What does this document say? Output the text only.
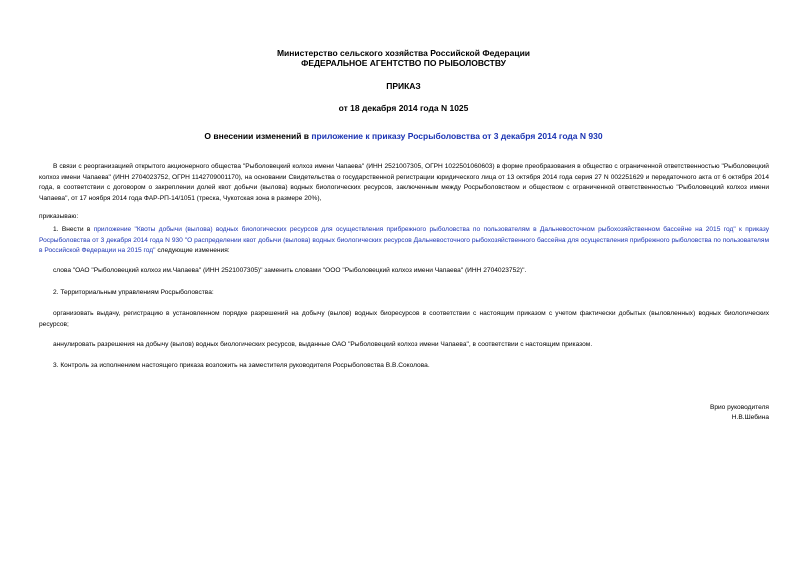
Министерство сельского хозяйства Российской Федерации
ФЕДЕРАЛЬНОЕ АГЕНТСТВО ПО РЫБОЛОВСТВУ
ПРИКАЗ
от 18 декабря 2014 года N 1025
О внесении изменений в приложение к приказу Росрыболовства от 3 декабря 2014 года N 930
В связи с реорганизацией открытого акционерного общества "Рыболовецкий колхоз имени Чапаева" (ИНН 2521007305, ОГРН 1022501060603) в форме преобразования в общество с ограниченной ответственностью "Рыболовецкий колхоз имени Чапаева" (ИНН 2704023752, ОГРН 1142709001170), на основании Свидетельства о государственной регистрации юридического лица от 13 октября 2014 года серия 27 N 002251629 и передаточного акта от 6 октября 2014 года, в соответствии с договором о закреплении долей квот добычи (вылова) водных биологических ресурсов, заключенным между Росрыболовством и обществом с ограниченной ответственностью "Рыболовецкий колхоз имени Чапаева", от 17 ноября 2014 года ФАР-РП-14/1051 (треска, Чукотская зона в размере 20%),
приказываю:
1. Внести в приложение "Квоты добычи (вылова) водных биологических ресурсов для осуществления прибрежного рыболовства по пользователям в Дальневосточном рыбохозяйственном бассейне на 2015 год" к приказу Росрыболовства от 3 декабря 2014 года N 930 "О распределении квот добычи (вылова) водных биологических ресурсов Дальневосточного рыбохозяйственного бассейна для осуществления прибрежного рыболовства по пользователям в Российской Федерации на 2015 год" следующие изменения:
слова "ОАО "Рыболовецкий колхоз им.Чапаева" (ИНН 2521007305)" заменить словами "ООО "Рыболовецкий колхоз имени Чапаева" (ИНН 2704023752)".
2. Территориальным управлениям Росрыболовства:
организовать выдачу, регистрацию в установленном порядке разрешений на добычу (вылов) водных биоресурсов в соответствии с настоящим приказом с учетом фактически добытых (выловленных) водных биологических ресурсов;
аннулировать разрешения на добычу (вылов) водных биологических ресурсов, выданные ОАО "Рыболовецкий колхоз имени Чапаева", в соответствии с настоящим приказом.
3. Контроль за исполнением настоящего приказа возложить на заместителя руководителя Росрыболовства В.В.Соколова.
Врио руководителя
Н.В.Шебина
